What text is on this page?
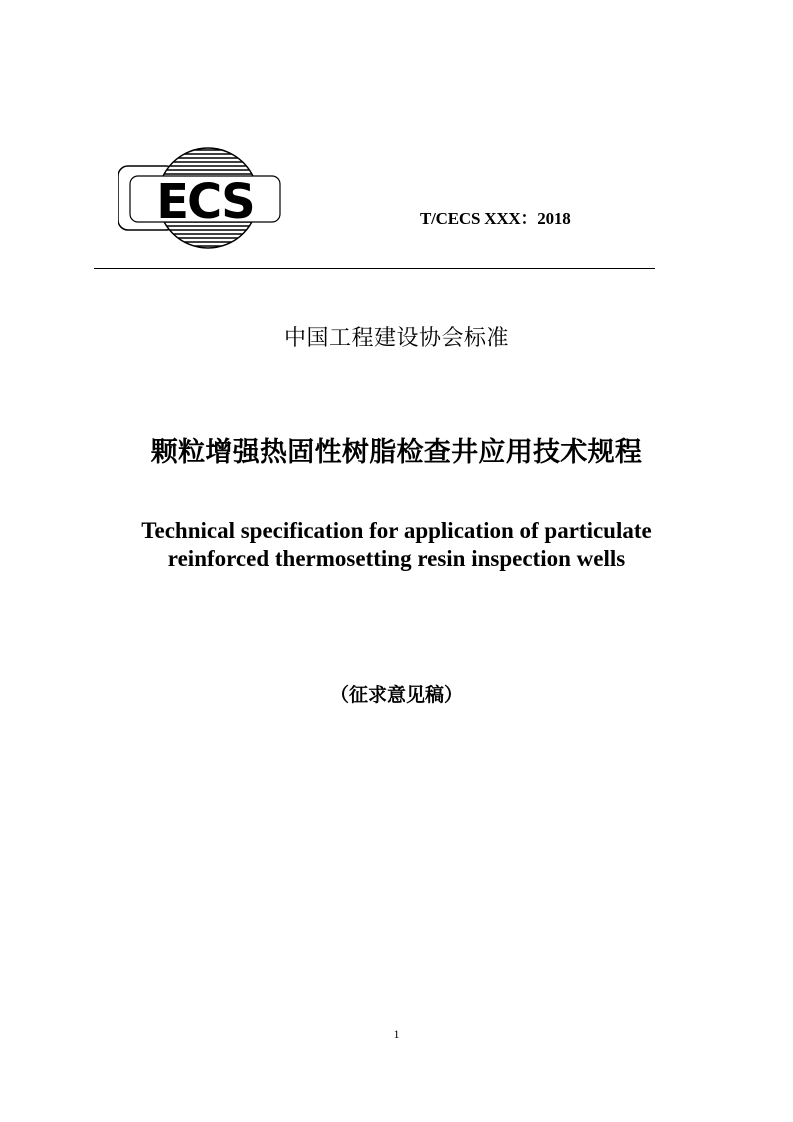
ECS	T/CECS XXX：2018
中国工程建设协会标准
颗粒增强热固性树脂检查井应用技术规程
Technical specification for application of particulate
reinforced thermosetting resin inspection wells
（征求意见稿）
1
